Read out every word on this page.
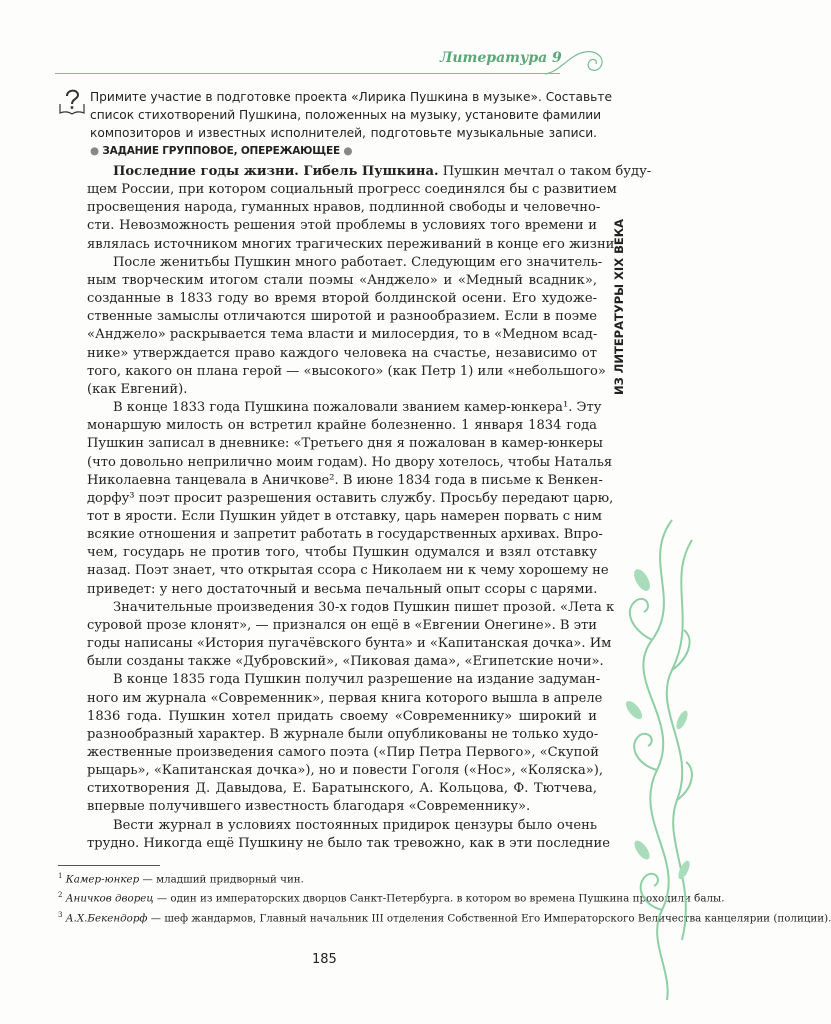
Литература 9
Примите участие в подготовке проекта «Лирика Пушкина в музыке». Составьте
список стихотворений Пушкина, положенных на музыку, установите фамилии
композиторов и известных исполнителей, подготовьте музыкальные записи.
● ЗАДАНИЕ ГРУППОВОЕ, ОПЕРЕЖАЮЩЕЕ ●
Последние годы жизни. Гибель Пушкина. Пушкин мечтал о таком буду-
щем России, при котором социальный прогресс соединялся бы с развитием
просвещения народа, гуманных нравов, подлинной свободы и человечно-
сти. Невозможность решения этой проблемы в условиях того времени и
являлась источником многих трагических переживаний в конце его жизни.
После женитьбы Пушкин много работает. Следующим его значитель-
ным творческим итогом стали поэмы «Анджело» и «Медный всадник»,
созданные в 1833 году во время второй болдинской осени. Его художе-
ственные замыслы отличаются широтой и разнообразием. Если в поэме
«Анджело» раскрывается тема власти и милосердия, то в «Медном всад-
нике» утверждается право каждого человека на счастье, независимо от
того, какого он плана герой — «высокого» (как Петр 1) или «небольшого»
(как Евгений).
В конце 1833 года Пушкина пожаловали званием камер-юнкера¹. Эту
монаршую милость он встретил крайне болезненно. 1 января 1834 года
Пушкин записал в дневнике: «Третьего дня я пожалован в камер-юнкеры
(что довольно неприлично моим годам). Но двору хотелось, чтобы Наталья
Николаевна танцевала в Аничкове². В июне 1834 года в письме к Венкен-
дорфу³ поэт просит разрешения оставить службу. Просьбу передают царю,
тот в ярости. Если Пушкин уйдет в отставку, царь намерен порвать с ним
всякие отношения и запретит работать в государственных архивах. Впро-
чем, государь не против того, чтобы Пушкин одумался и взял отставку
назад. Поэт знает, что открытая ссора с Николаем ни к чему хорошему не
приведет: у него достаточный и весьма печальный опыт ссоры с царями.
Значительные произведения 30-х годов Пушкин пишет прозой. «Лета к
суровой прозе клонят», — признался он ещё в «Евгении Онегине». В эти
годы написаны «История пугачёвского бунта» и «Капитанская дочка». Им
были созданы также «Дубровский», «Пиковая дама», «Египетские ночи».
В конце 1835 года Пушкин получил разрешение на издание задуман-
ного им журнала «Современник», первая книга которого вышла в апреле
1836 года. Пушкин хотел придать своему «Современнику» широкий и
разнообразный характер. В журнале были опубликованы не только худо-
жественные произведения самого поэта («Пир Петра Первого», «Скупой
рыцарь», «Капитанская дочка»), но и повести Гоголя («Нос», «Коляска»),
стихотворения Д. Давыдова, Е. Баратынского, А. Кольцова, Ф. Тютчева,
впервые получившего известность благодаря «Современнику».
Вести журнал в условиях постоянных придирок цензуры было очень
трудно. Никогда ещё Пушкину не было так тревожно, как в эти последние
ИЗ ЛИТЕРАТУРЫ XIX ВЕКА
$^1$ Камер-юнкер — младший придворный чин.
$^2$ Аничков дворец — один из императорских дворцов Санкт-Петербурга. в котором во времена Пушкина проходили балы.
$^3$ А.Х.Бекендорф — шеф жандармов, Главный начальник III отделения Собственной Его Императорского Величества канцелярии (полиции).
185
